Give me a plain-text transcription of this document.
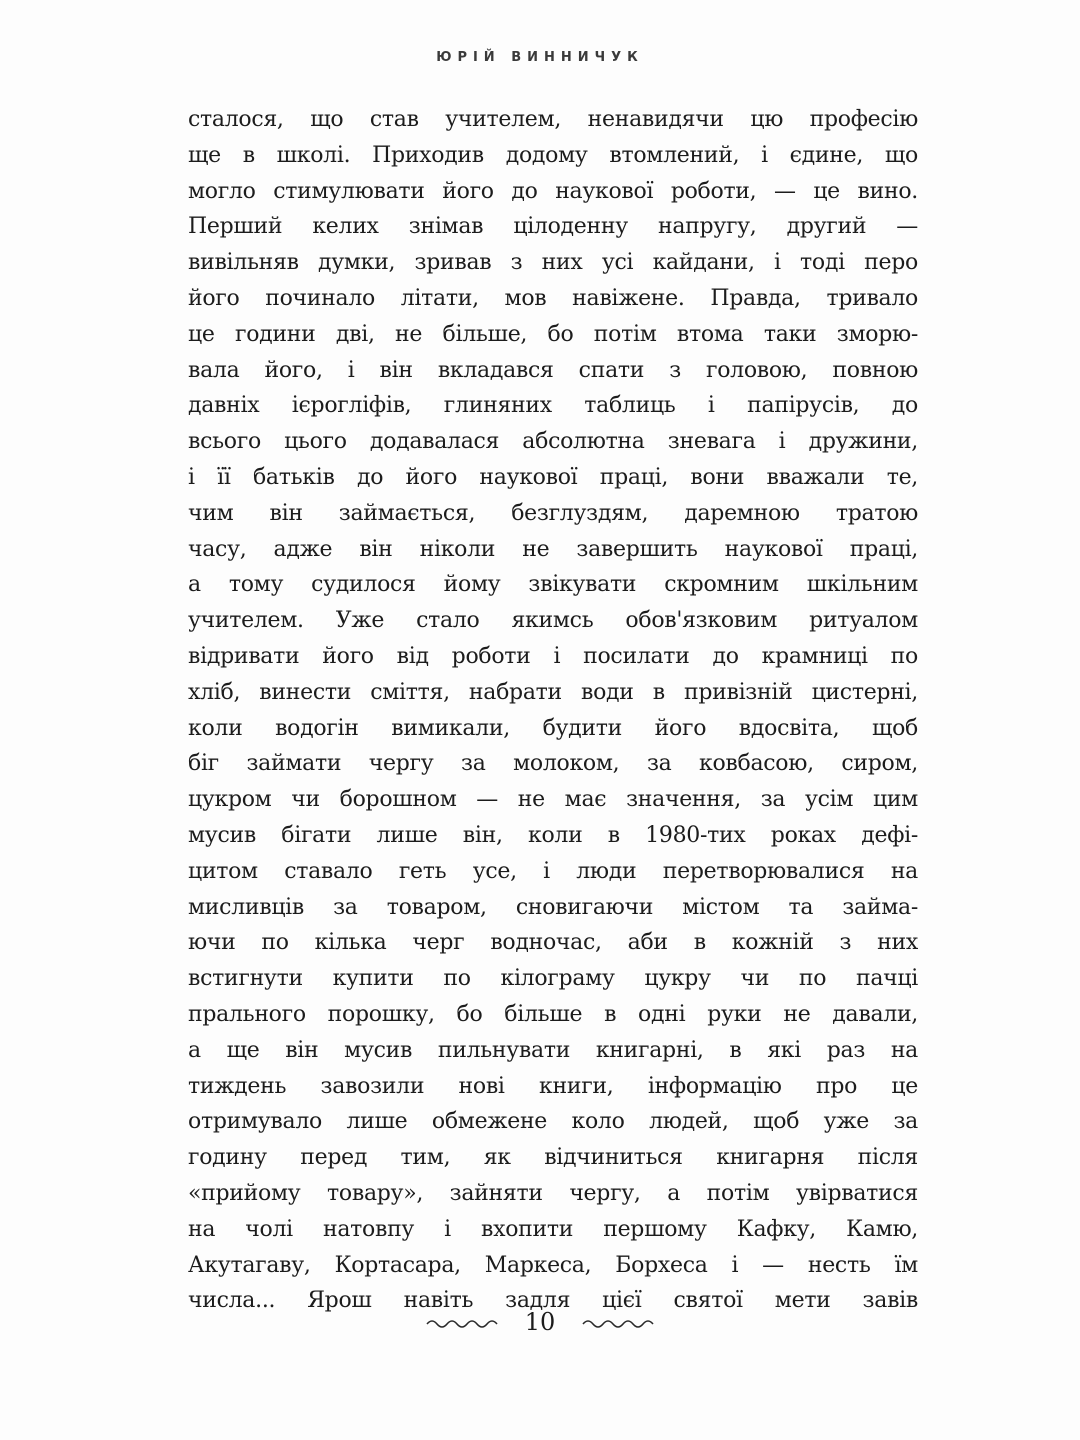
ЮРІЙ ВИННИЧУК
сталося, що став учителем, ненавидячи цю професію
ще в школі. Приходив додому втомлений, і єдине, що
могло стимулювати його до наукової роботи, — це вино.
Перший келих знімав цілоденну напругу, другий —
вивільняв думки, зривав з них усі кайдани, і тоді перо
його починало літати, мов навіжене. Правда, тривало
це години дві, не більше, бо потім втома таки зморю-
вала його, і він вкладався спати з головою, повною
давніх ієрогліфів, глиняних таблиць і папірусів, до
всього цього додавалася абсолютна зневага і дружини,
і її батьків до його наукової праці, вони вважали те,
чим він займається, безглуздям, даремною тратою
часу, адже він ніколи не завершить наукової праці,
а тому судилося йому звікувати скромним шкільним
учителем. Уже стало якимсь обов'язковим ритуалом
відривати його від роботи і посилати до крамниці по
хліб, винести сміття, набрати води в привізній цистерні,
коли водогін вимикали, будити його вдосвіта, щоб
біг займати чергу за молоком, за ковбасою, сиром,
цукром чи борошном — не має значення, за усім цим
мусив бігати лише він, коли в 1980-тих роках дефі-
цитом ставало геть усе, і люди перетворювалися на
мисливців за товаром, сновигаючи містом та займа-
ючи по кілька черг водночас, аби в кожній з них
встигнути купити по кілограму цукру чи по пачці
прального порошку, бо більше в одні руки не давали,
а ще він мусив пильнувати книгарні, в які раз на
тиждень завозили нові книги, інформацію про це
отримувало лише обмежене коло людей, щоб уже за
годину перед тим, як відчиниться книгарня після
«прийому товару», зайняти чергу, а потім увірватися
на чолі натовпу і вхопити першому Кафку, Камю,
Акутагаву, Кортасара, Маркеса, Борхеса і — несть їм
числа... Ярош навіть задля цієї святої мети завів
10
